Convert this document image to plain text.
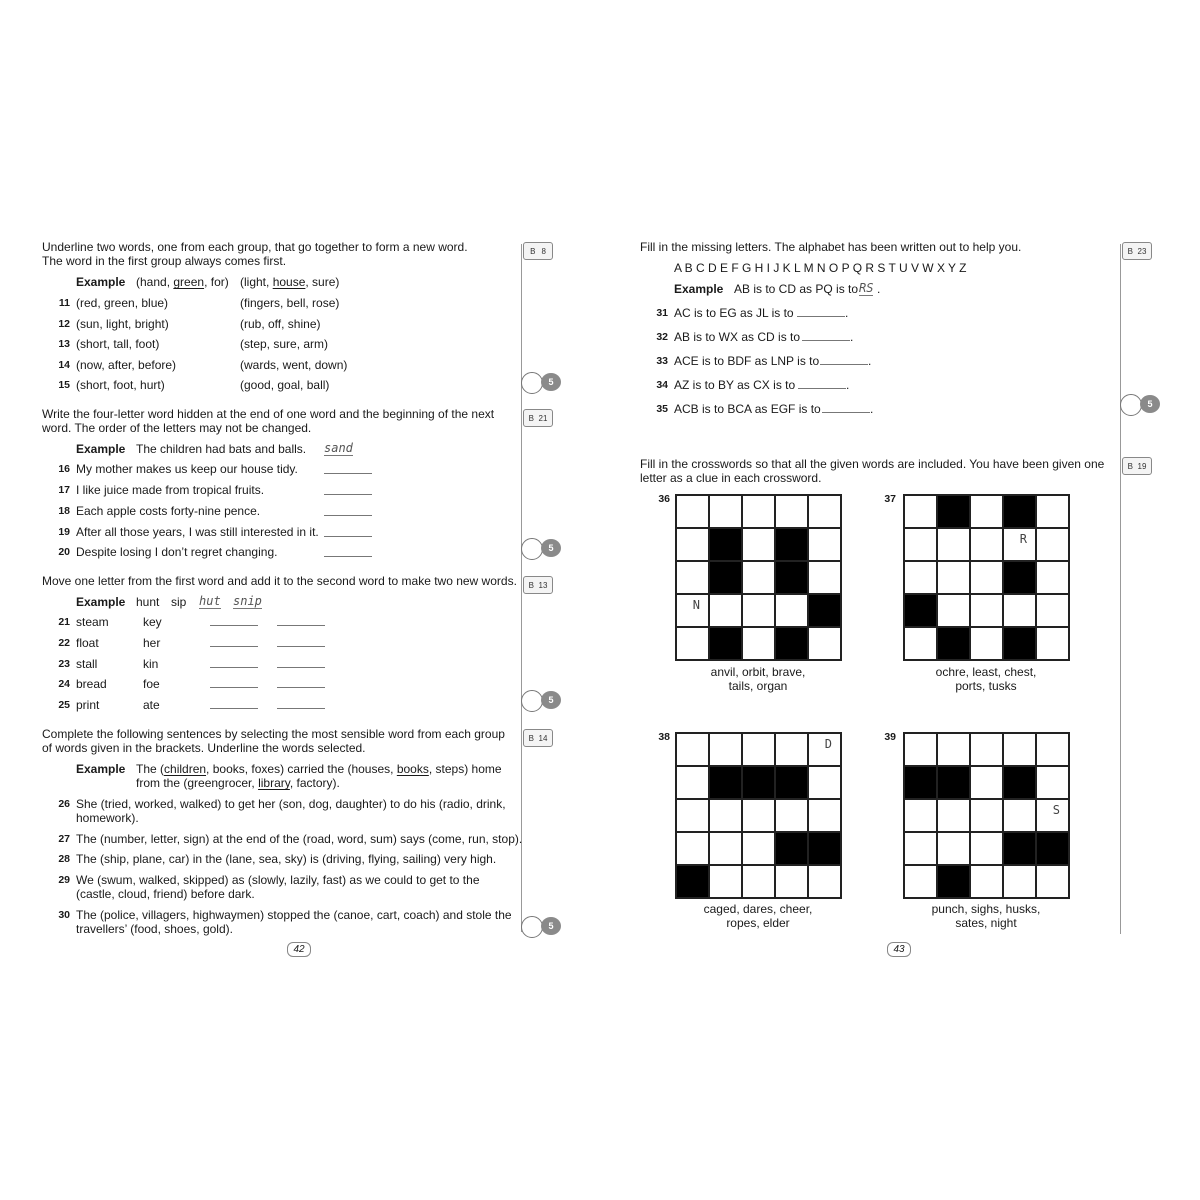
Underline two words, one from each group, that go together to form a new word.
The word in the first group always comes first.
B 8
Example (hand, green, for) (light, house, sure)
11 (red, green, blue)	(fingers, bell, rose)
12 (sun, light, bright)	(rub, off, shine)
13 (short, tall, foot)	(step, sure, arm)
14 (now, after, before)	(wards, went, down)
15 (short, foot, hurt)	(good, goal, ball)	5
Write the four-letter word hidden at the end of one word and the beginning of the next
word. The order of the letters may not be changed.
B 21
Example The children had bats and balls. sand
16 My mother makes us keep our house tidy.
17 I like juice made from tropical fruits.
18 Each apple costs forty-nine pence.
19 After all those years, I was still interested in it.
20 Despite losing I don’t regret changing.	5
Move one letter from the first word and add it to the second word to make two new words. B 13
Example hunt sip hut snip
21 steam	key
22 float	her
23 stall	kin
24 bread	foe
25 print	ate	5
Complete the following sentences by selecting the most sensible word from each group
of words given in the brackets. Underline the words selected.
B 14
Example The (children, books, foxes) carried the (houses, books, steps) home
from the (greengrocer, library, factory).
26 She (tried, worked, walked) to get her (son, dog, daughter) to do his (radio, drink,
homework).
27 The (number, letter, sign) at the end of the (road, word, sum) says (come, run, stop).
28 The (ship, plane, car) in the (lane, sea, sky) is (driving, flying, sailing) very high.
29 We (swum, walked, skipped) as (slowly, lazily, fast) as we could to get to the
(castle, cloud, friend) before dark.
30 The (police, villagers, highwaymen) stopped the (canoe, cart, coach) and stole the
travellers’ (food, shoes, gold).	5
42
Fill in the missing letters. The alphabet has been written out to help you.	B 23
A B C D E F G H I J K L M N O P Q R S T U V W X Y Z
Example AB is to CD as PQ is to RS .
31 AC is to EG as JL is to	.
32 AB is to WX as CD is to	.
33 ACE is to BDF as LNP is to	.
34 AZ is to BY as CX is to	.
35 ACB is to BCA as EGF is to	.	5
Fill in the crosswords so that all the given words are included. You have been given one
letter as a clue in each crossword.
B 19
36
N
anvil, orbit, brave,
tails, organ
37
R
ochre, least, chest,
ports, tusks
38	D
caged, dares, cheer,
ropes, elder
39
S
punch, sighs, husks,
sates, night
43
